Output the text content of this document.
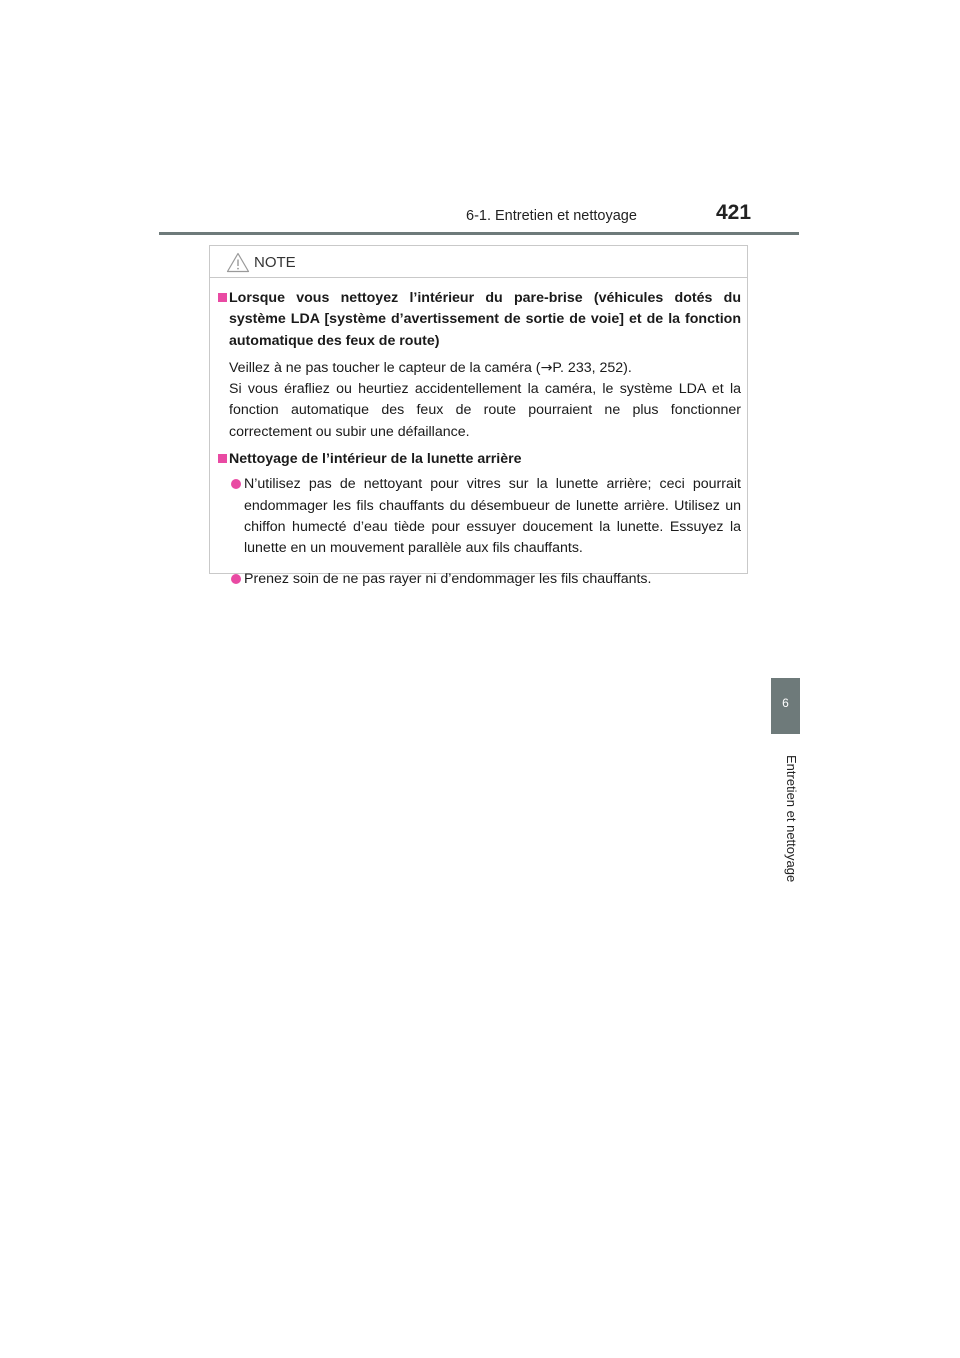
6-1. Entretien et nettoyage	421
6
Entretien et nettoyage
NOTE
Lorsque vous nettoyez l’intérieur du pare-brise (véhicules dotés du système LDA [système d’avertissement de sortie de voie] et de la fonction automatique des feux de route)

Veillez à ne pas toucher le capteur de la caméra (→P. 233, 252).

Si vous érafliez ou heurtiez accidentellement la caméra, le système LDA et la fonction automatique des feux de route pourraient ne plus fonctionner correctement ou subir une défaillance.

Nettoyage de l’intérieur de la lunette arrière
N’utilisez pas de nettoyant pour vitres sur la lunette arrière; ceci pourrait endommager les fils chauffants du désembueur de lunette arrière. Utilisez un chiffon humecté d’eau tiède pour essuyer doucement la lunette. Essuyez la lunette en un mouvement parallèle aux fils chauffants.
Prenez soin de ne pas rayer ni d’endommager les fils chauffants.
